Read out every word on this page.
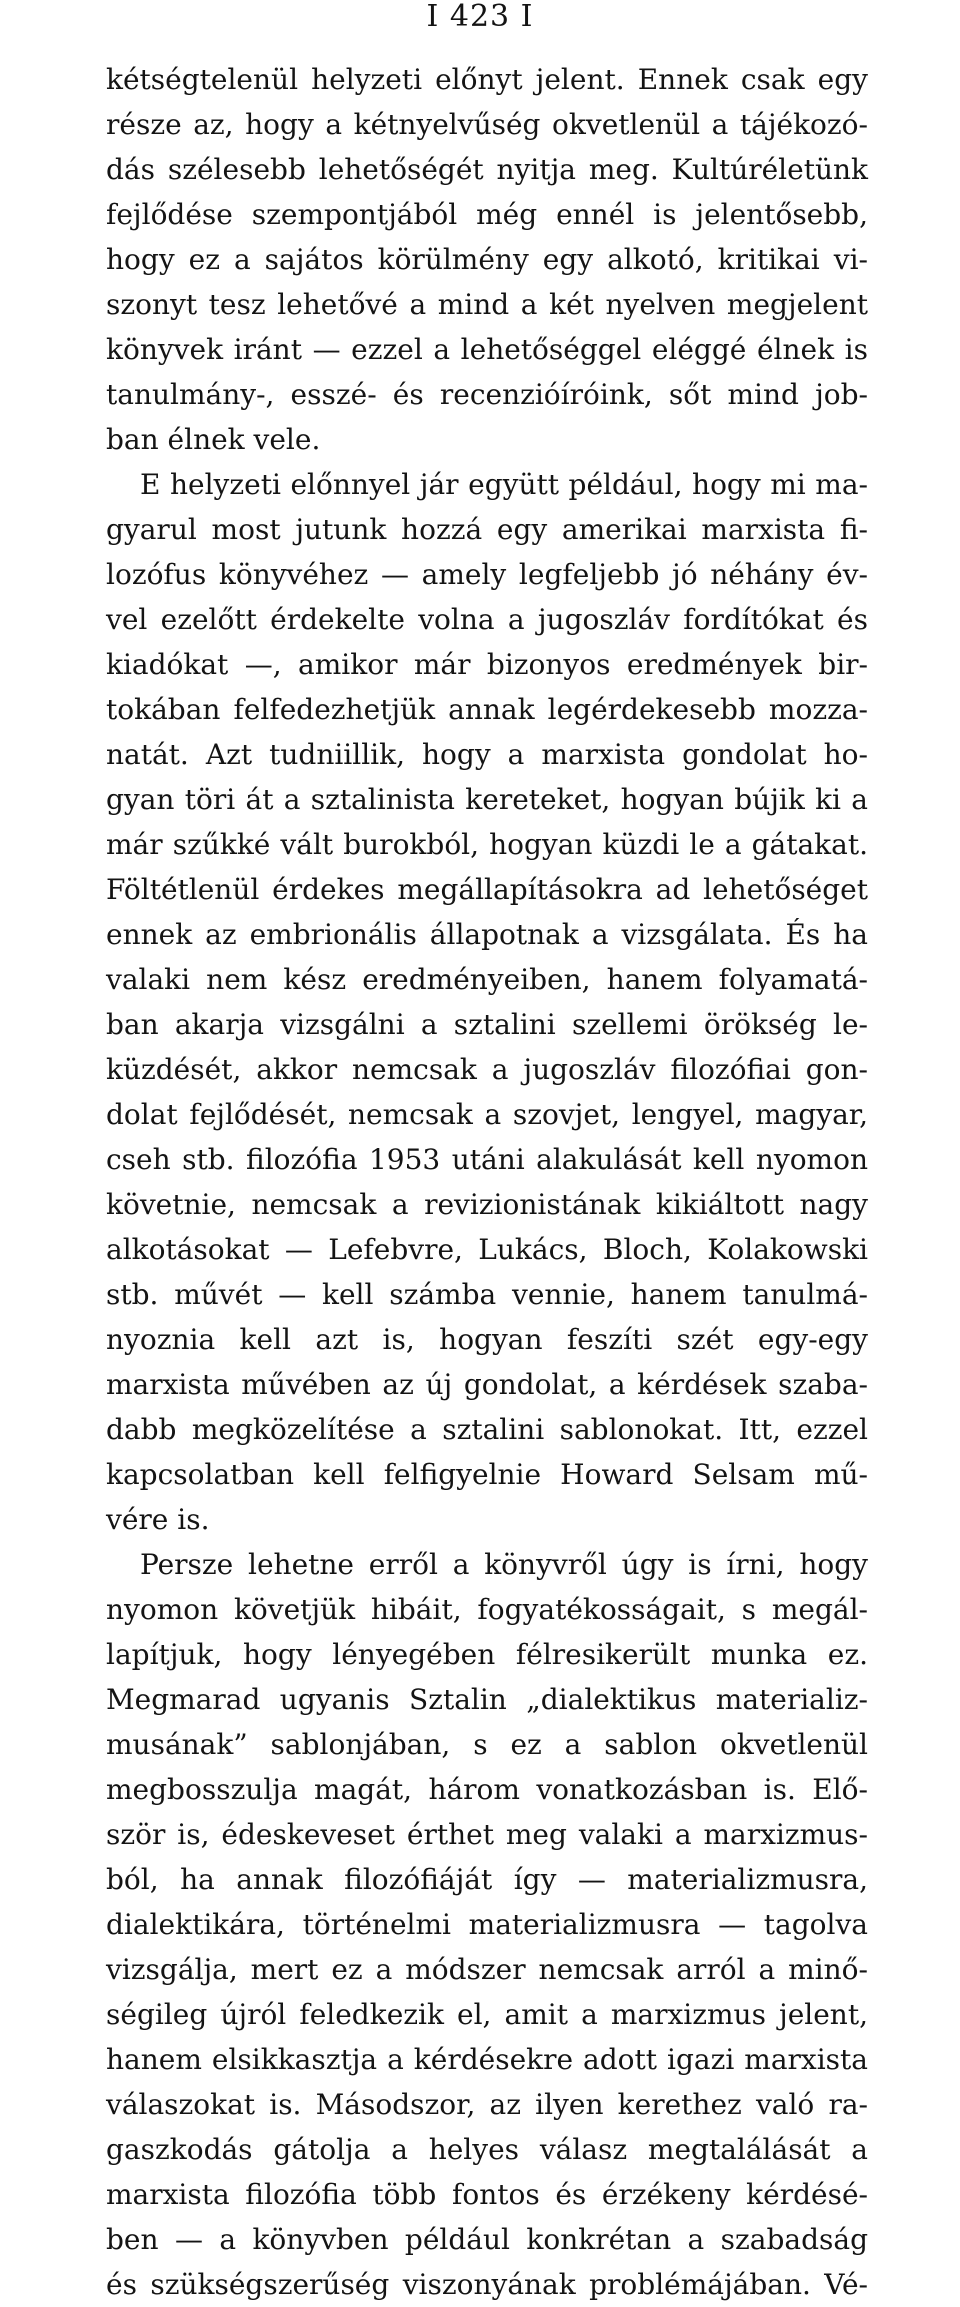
I 423 I
kétségtelenül helyzeti előnyt jelent. Ennek csak egy
része az, hogy a kétnyelvűség okvetlenül a tájékozó-
dás szélesebb lehetőségét nyitja meg. Kultúréletünk
fejlődése szempontjából még ennél is jelentősebb,
hogy ez a sajátos körülmény egy alkotó, kritikai vi-
szonyt tesz lehetővé a mind a két nyelven megjelent
könyvek iránt — ezzel a lehetőséggel eléggé élnek is
tanulmány-, esszé- és recenzióíróink, sőt mind job-
ban élnek vele.
E helyzeti előnnyel jár együtt például, hogy mi ma-
gyarul most jutunk hozzá egy amerikai marxista fi-
lozófus könyvéhez — amely legfeljebb jó néhány év-
vel ezelőtt érdekelte volna a jugoszláv fordítókat és
kiadókat —, amikor már bizonyos eredmények bir-
tokában felfedezhetjük annak legérdekesebb mozza-
natát. Azt tudniillik, hogy a marxista gondolat ho-
gyan töri át a sztalinista kereteket, hogyan bújik ki a
már szűkké vált burokból, hogyan küzdi le a gátakat.
Föltétlenül érdekes megállapításokra ad lehetőséget
ennek az embrionális állapotnak a vizsgálata. És ha
valaki nem kész eredményeiben, hanem folyamatá-
ban akarja vizsgálni a sztalini szellemi örökség le-
küzdését, akkor nemcsak a jugoszláv filozófiai gon-
dolat fejlődését, nemcsak a szovjet, lengyel, magyar,
cseh stb. filozófia 1953 utáni alakulását kell nyomon
követnie, nemcsak a revizionistának kikiáltott nagy
alkotásokat — Lefebvre, Lukács, Bloch, Kolakowski
stb. művét — kell számba vennie, hanem tanulmá-
nyoznia kell azt is, hogyan feszíti szét egy-egy
marxista művében az új gondolat, a kérdések szaba-
dabb megközelítése a sztalini sablonokat. Itt, ezzel
kapcsolatban kell felfigyelnie Howard Selsam mű-
vére is.
Persze lehetne erről a könyvről úgy is írni, hogy
nyomon követjük hibáit, fogyatékosságait, s megál-
lapítjuk, hogy lényegében félresikerült munka ez.
Megmarad ugyanis Sztalin „dialektikus materializ-
musának” sablonjában, s ez a sablon okvetlenül
megbosszulja magát, három vonatkozásban is. Elő-
ször is, édeskeveset érthet meg valaki a marxizmus-
ból, ha annak filozófiáját így — materializmusra,
dialektikára, történelmi materializmusra — tagolva
vizsgálja, mert ez a módszer nemcsak arról a minő-
ségileg újról feledkezik el, amit a marxizmus jelent,
hanem elsikkasztja a kérdésekre adott igazi marxista
válaszokat is. Másodszor, az ilyen kerethez való ra-
gaszkodás gátolja a helyes válasz megtalálását a
marxista filozófia több fontos és érzékeny kérdésé-
ben — a könyvben például konkrétan a szabadság
és szükségszerűség viszonyának problémájában. Vé-
